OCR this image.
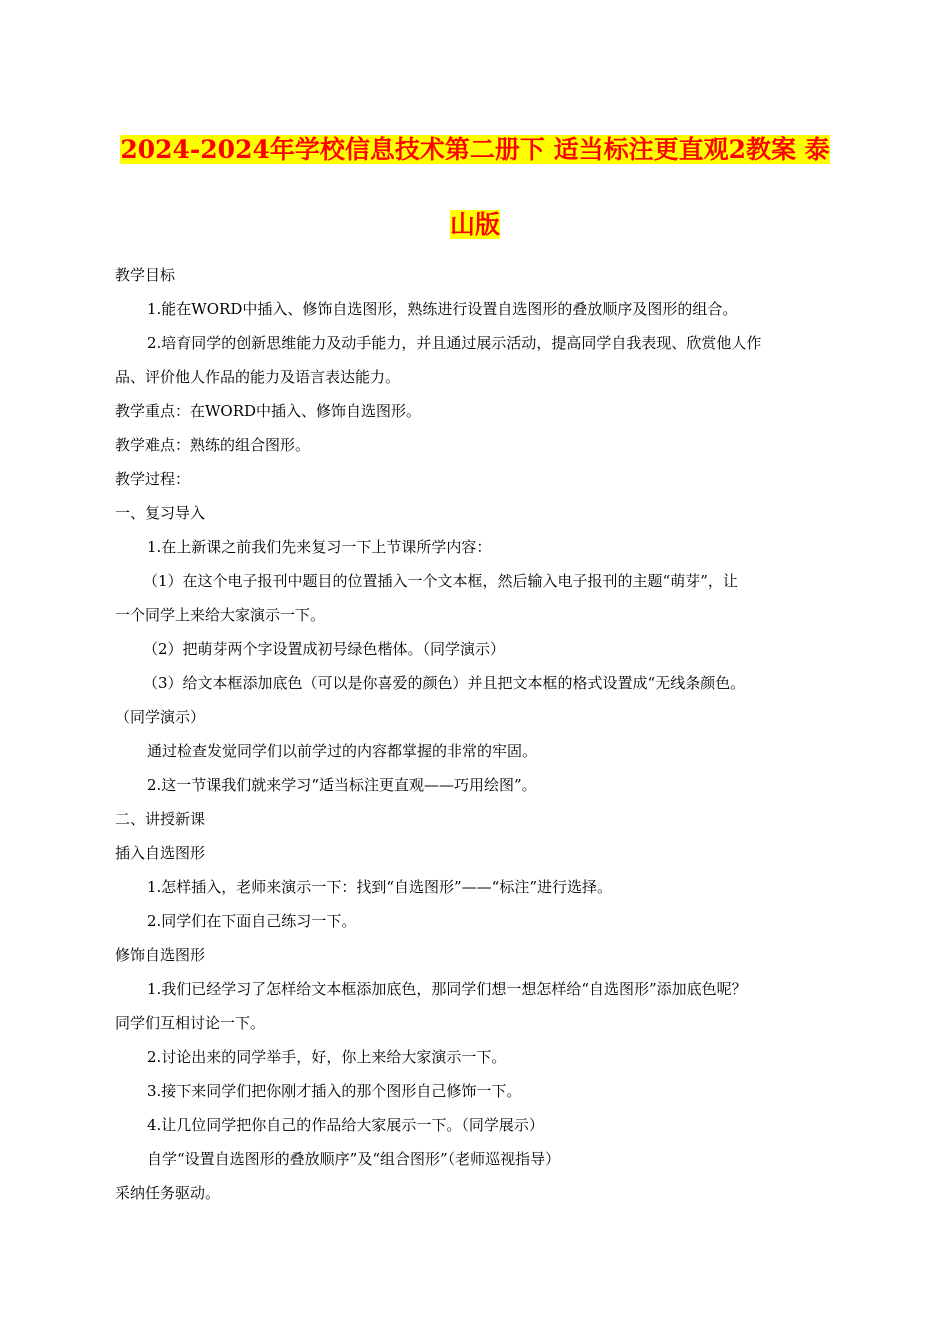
2024-2024年学校信息技术第二册下 适当标注更直观2教案 泰
山版
教学目标
1.能在WORD中插入、修饰自选图形，熟练进行设置自选图形的叠放顺序及图形的组合。
2.培育同学的创新思维能力及动手能力，并且通过展示活动，提高同学自我表现、欣赏他人作
品、评价他人作品的能力及语言表达能力。
教学重点：在WORD中插入、修饰自选图形。
教学难点：熟练的组合图形。
教学过程：
一、复习导入
1.在上新课之前我们先来复习一下上节课所学内容：
（1）在这个电子报刊中题目的位置插入一个文本框，然后输入电子报刊的主题“萌芽”，让
一个同学上来给大家演示一下。
（2）把萌芽两个字设置成初号绿色楷体。（同学演示）
（3）给文本框添加底色（可以是你喜爱的颜色）并且把文本框的格式设置成“无线条颜色。
（同学演示）
通过检查发觉同学们以前学过的内容都掌握的非常的牢固。
2.这一节课我们就来学习“适当标注更直观——巧用绘图”。
二、讲授新课
插入自选图形
1.怎样插入，老师来演示一下：找到“自选图形”——“标注”进行选择。
2.同学们在下面自己练习一下。
修饰自选图形
1.我们已经学习了怎样给文本框添加底色，那同学们想一想怎样给“自选图形”添加底色呢？
同学们互相讨论一下。
2.讨论出来的同学举手，好，你上来给大家演示一下。
3.接下来同学们把你刚才插入的那个图形自己修饰一下。
4.让几位同学把你自己的作品给大家展示一下。（同学展示）
自学“设置自选图形的叠放顺序”及“组合图形”（老师巡视指导）
采纳任务驱动。
